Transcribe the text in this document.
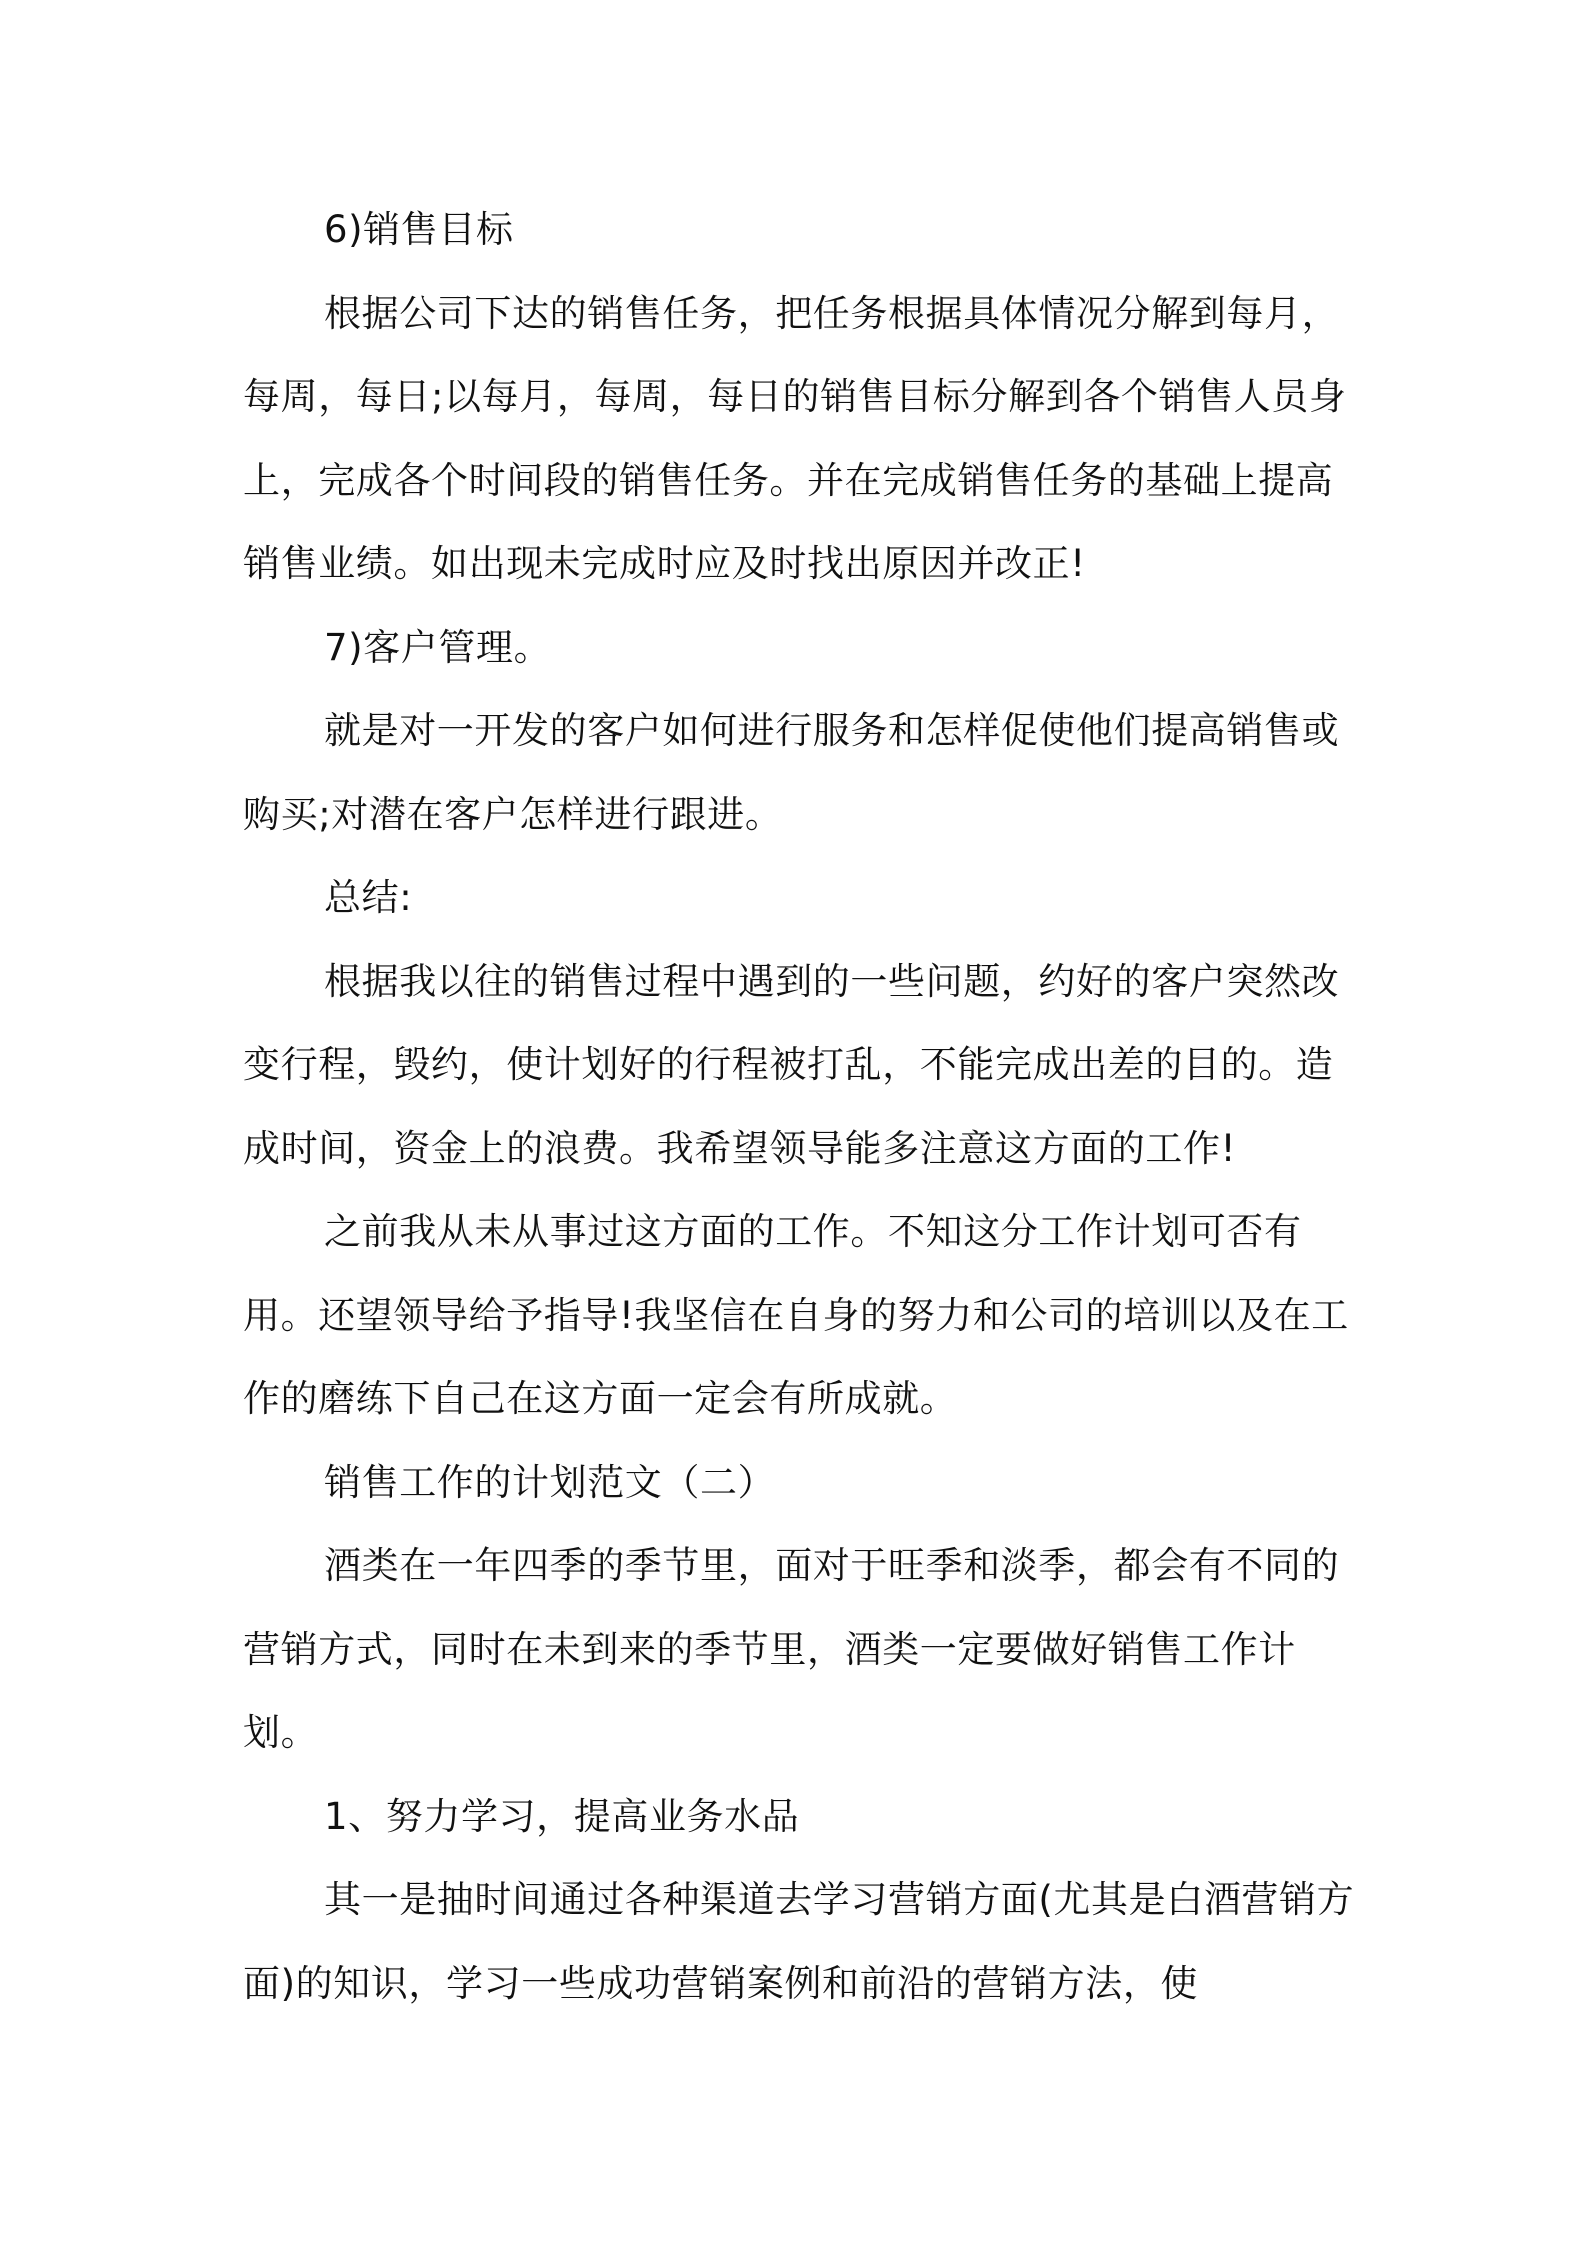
6)销售目标

根据公司下达的销售任务，把任务根据具体情况分解到每月，每周，每日;以每月，每周，每日的销售目标分解到各个销售人员身上，完成各个时间段的销售任务。并在完成销售任务的基础上提高销售业绩。如出现未完成时应及时找出原因并改正!

7)客户管理。

就是对一开发的客户如何进行服务和怎样促使他们提高销售或购买;对潜在客户怎样进行跟进。

总结:

根据我以往的销售过程中遇到的一些问题，约好的客户突然改变行程，毁约，使计划好的行程被打乱，不能完成出差的目的。造成时间，资金上的浪费。我希望领导能多注意这方面的工作!

之前我从未从事过这方面的工作。不知这分工作计划可否有用。还望领导给予指导!我坚信在自身的努力和公司的培训以及在工作的磨练下自己在这方面一定会有所成就。

销售工作的计划范文（二）

酒类在一年四季的季节里，面对于旺季和淡季，都会有不同的营销方式，同时在未到来的季节里，酒类一定要做好销售工作计划。

1、努力学习，提高业务水品

其一是抽时间通过各种渠道去学习营销方面(尤其是白酒营销方面)的知识，学习一些成功营销案例和前沿的营销方法，使
